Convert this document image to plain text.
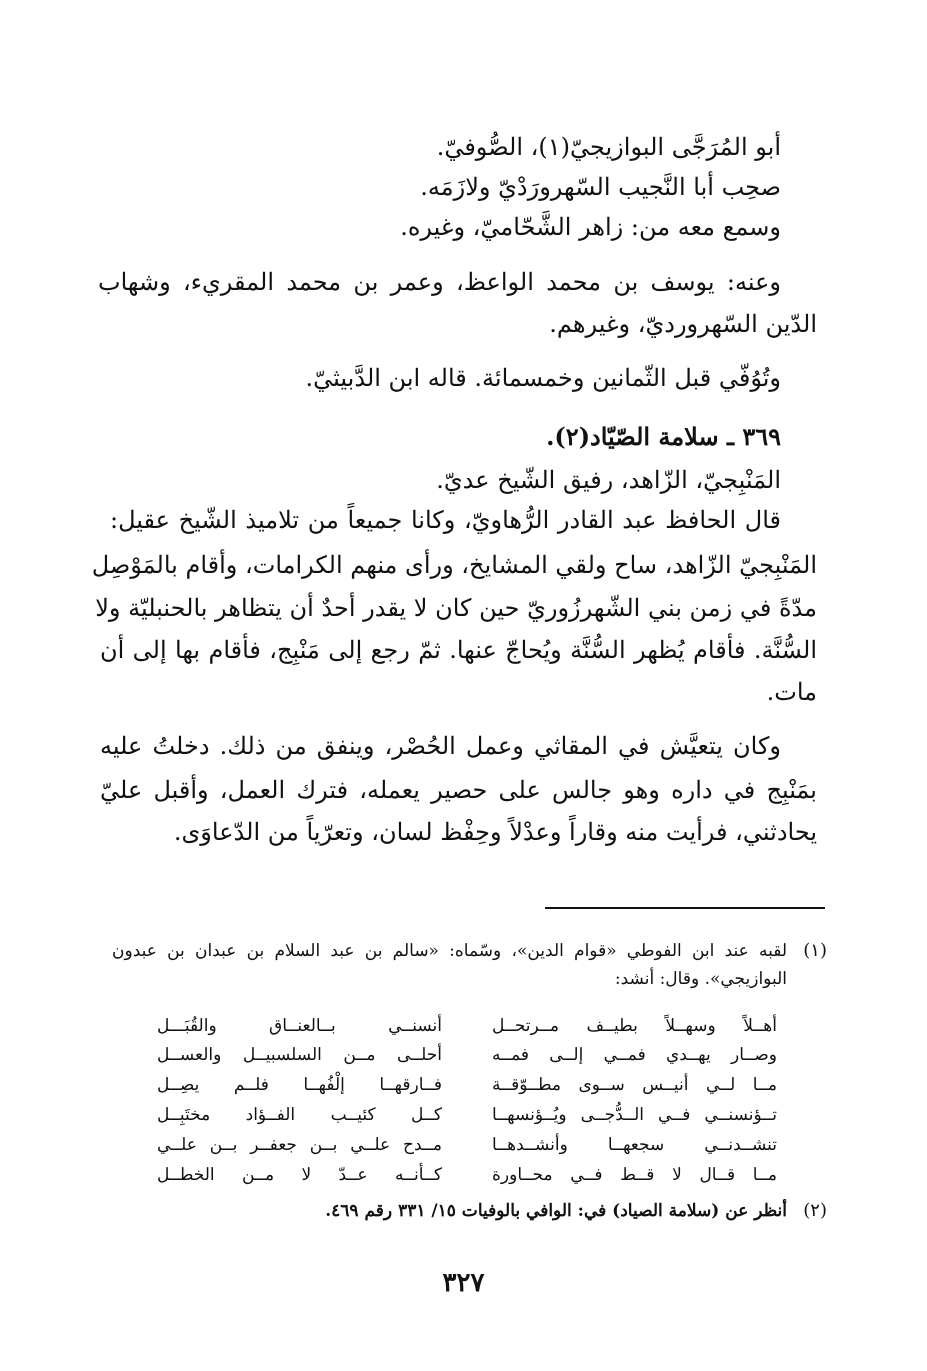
أبو المُرَجَّى البوازيجيّ(١)، الصُّوفيّ.
صحِب أبا النَّجيب السّهرورَدْيّ ولازَمَه.
وسمع معه من: زاهر الشَّحّاميّ، وغيره.
وعنه: يوسف بن محمد الواعظ، وعمر بن محمد المقريء، وشهاب
الدّين السّهرورديّ، وغيرهم.
وتُوُفّي قبل الثّمانين وخمسمائة. قاله ابن الدَّبيثيّ.
٣٦٩ ـ سلامة الصّيّاد(٢).
المَنْبِجيّ، الزّاهد، رفيق الشّيخ عديّ.
قال الحافظ عبد القادر الرُّهاويّ، وكانا جميعاً من تلاميذ الشّيخ عقيل:
المَنْبِجيّ الزّاهد، ساح ولقي المشايخ، ورأى منهم الكرامات، وأقام بالمَوْصِل
مدّةً في زمن بني الشّهرزُوريّ حين كان لا يقدر أحدٌ أن يتظاهر بالحنبليّة ولا
السُّنَّة. فأقام يُظهر السُّنَّة ويُحاجّ عنها. ثمّ رجع إلى مَنْبِج، فأقام بها إلى أن
مات.
وكان يتعيَّش في المقاثي وعمل الحُصْر، وينفق من ذلك. دخلتُ عليه
بمَنْبِج في داره وهو جالس على حصير يعمله، فترك العمل، وأقبل عليّ
يحادثني، فرأيت منه وقاراً وعدْلاً وحِفْظ لسان، وتعرّياً من الدّعاوَى.
(١)
لقبه عند ابن الفوطي «قوام الدين»، وسّماه: «سالم بن عبد السلام بن عبدان بن عبدون
البوازيجي». وقال: أنشد:
أهــلاً وسهــلاً بطيــف مــرتحــل
أنسنــي بــالعنــاق والقُبَـــل
وصــار يهــدي فمــي إلــى فمــه
أحلــى مــن السلسبيــل والعســل
مــا لــي أنيــس ســوى مطــوّقــة
فــارقهــا إلْفُهــا فلــم يصِــل
تــؤنسنــي فــي الــدُّجــى ويُــؤنسهــا
كــل كئيــب الفــؤاد مختَبِــل
تنشــدنــي سجعهــا وأنشــدهــا
مــدح علــي بــن جعفــر بــن علــي
مــا قــال لا قــط فــي محــاورة
كــأنــه عــدّ لا مــن الخطــل
(٢)
أنظر عن (سلامة الصياد) في: الوافي بالوفيات ١٥/ ٣٣١ رقم ٤٦٩.
٣٢٧
